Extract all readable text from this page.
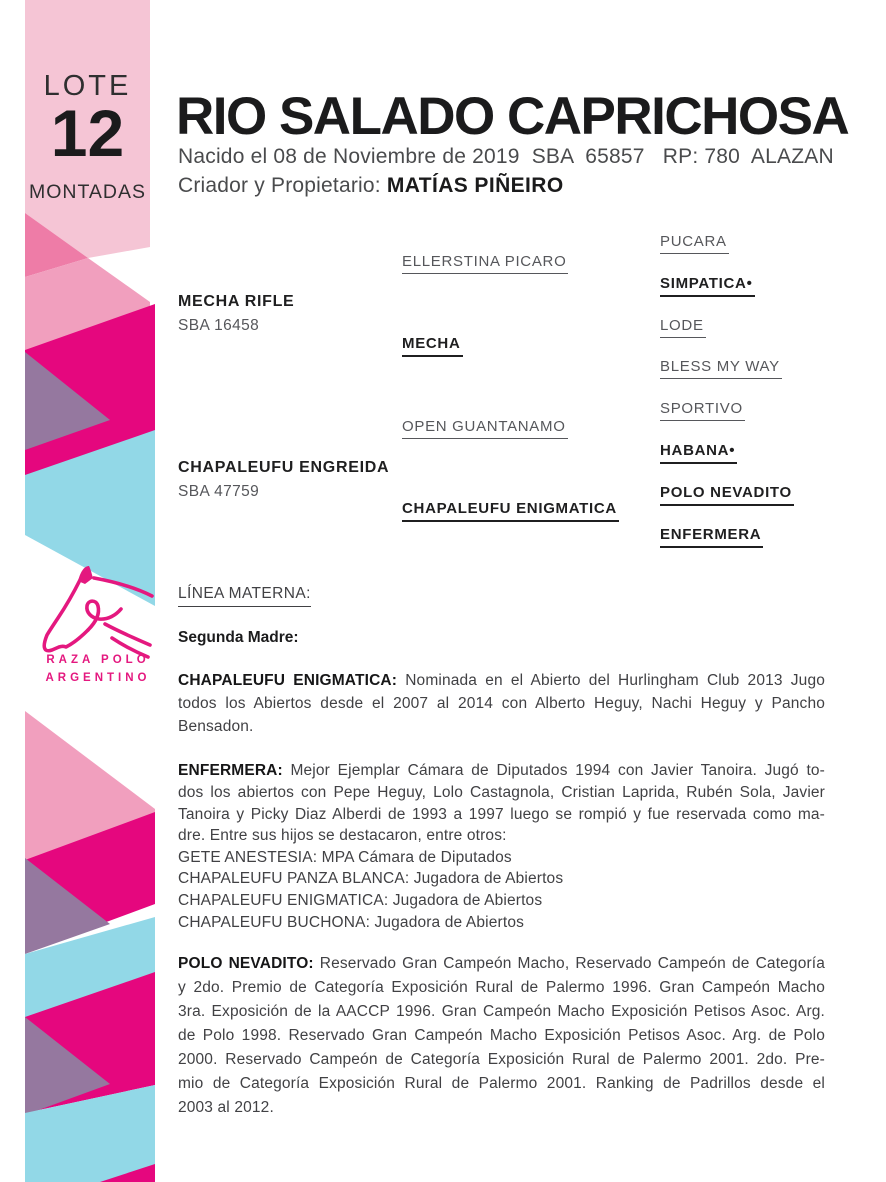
LOTE
12
MONTADAS
RIO SALADO CAPRICHOSA
Nacido el 08 de Noviembre de 2019  SBA  65857   RP: 780  ALAZAN
Criador y Propietario: MATÍAS PIÑEIRO
MECHA RIFLE
SBA 16458
CHAPALEUFU ENGREIDA
SBA 47759
ELLERSTINA PICARO
MECHA
OPEN GUANTANAMO
CHAPALEUFU ENIGMATICA
PUCARA
SIMPATICA•
LODE
BLESS MY WAY
SPORTIVO
HABANA•
POLO NEVADITO
ENFERMERA
RAZA POLO
ARGENTINO
LÍNEA MATERNA:
Segunda Madre:
CHAPALEUFU ENIGMATICA: Nominada en el Abierto del Hurlingham Club 2013 Jugo
todos los Abiertos desde el 2007 al 2014 con Alberto Heguy, Nachi Heguy y Pancho
Bensadon.
ENFERMERA: Mejor Ejemplar Cámara de Diputados 1994 con Javier Tanoira. Jugó to-
dos los abiertos con Pepe Heguy, Lolo Castagnola, Cristian Laprida, Rubén Sola, Javier
Tanoira y Picky Diaz Alberdi de 1993 a 1997 luego se rompió y fue reservada como ma-
dre. Entre sus hijos se destacaron, entre otros:
GETE ANESTESIA: MPA Cámara de Diputados
CHAPALEUFU PANZA BLANCA: Jugadora de Abiertos
CHAPALEUFU ENIGMATICA: Jugadora de Abiertos
CHAPALEUFU BUCHONA: Jugadora de Abiertos
POLO NEVADITO: Reservado Gran Campeón Macho, Reservado Campeón de Categoría
y 2do. Premio de Categoría Exposición Rural de Palermo 1996. Gran Campeón Macho
3ra. Exposición de la AACCP 1996. Gran Campeón Macho Exposición Petisos Asoc. Arg.
de Polo 1998. Reservado Gran Campeón Macho Exposición Petisos Asoc. Arg. de Polo
2000. Reservado Campeón de Categoría Exposición Rural de Palermo 2001. 2do. Pre-
mio de Categoría Exposición Rural de Palermo 2001. Ranking de Padrillos desde el
2003 al 2012.
